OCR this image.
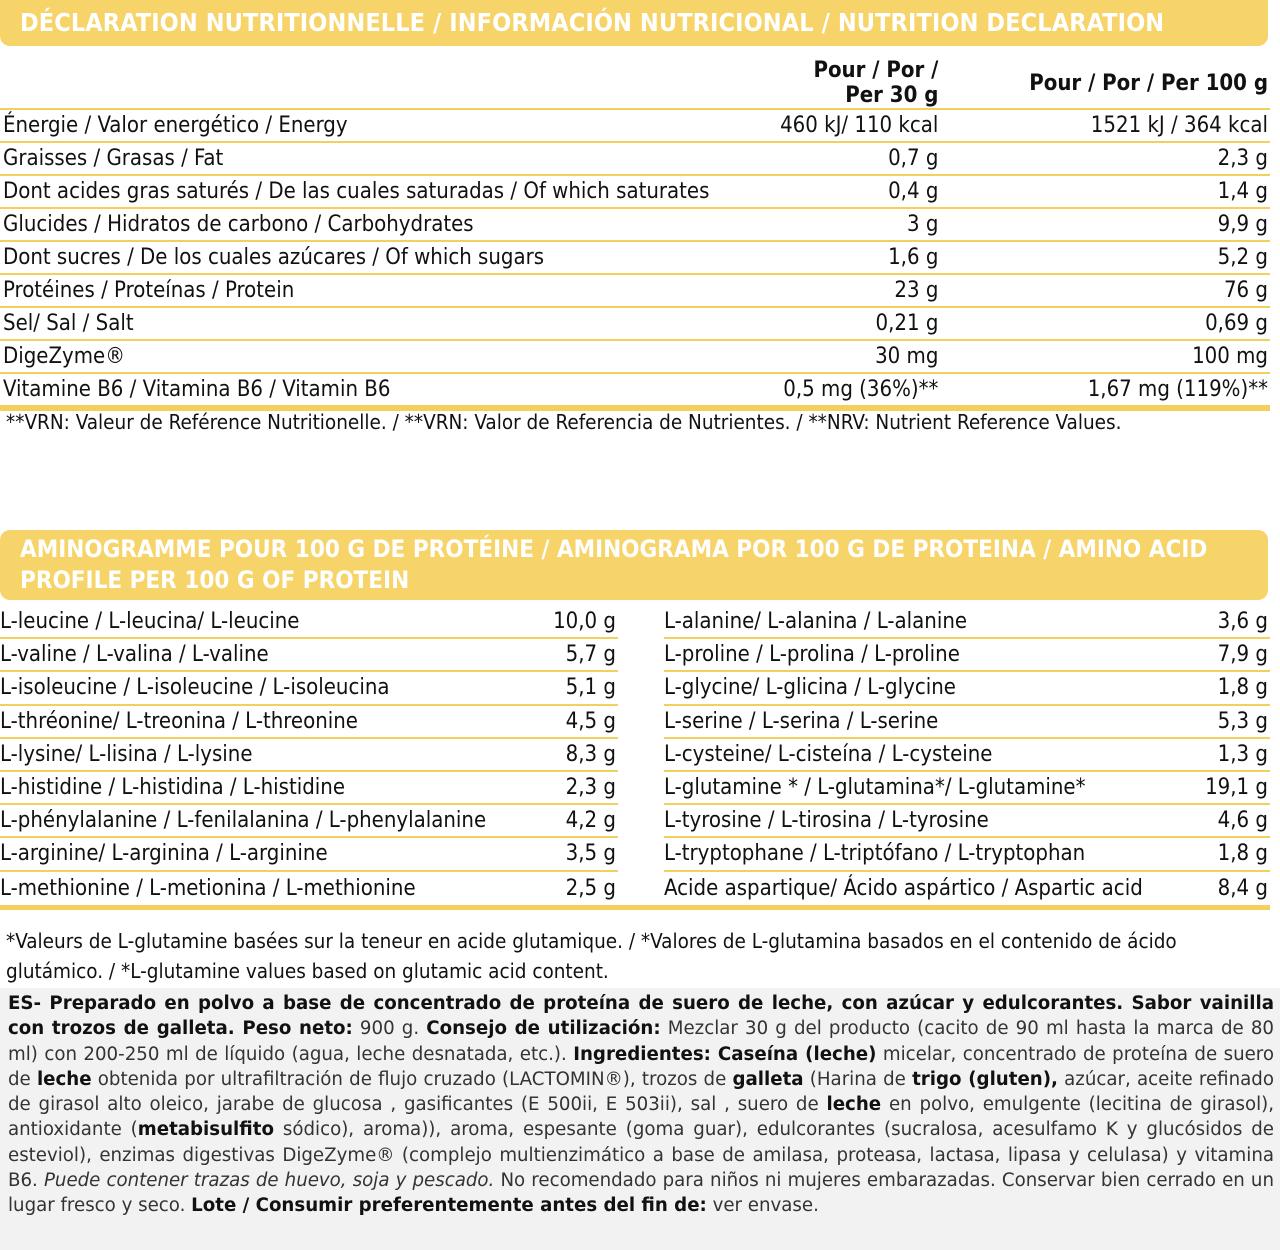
DÉCLARATION NUTRITIONNELLE / INFORMACIÓN NUTRICIONAL / NUTRITION DECLARATION
	Pour / Por / Per 30 g	Pour / Por / Per 100 g
Énergie / Valor energético / Energy	460 kJ/ 110 kcal	1521 kJ / 364 kcal
Graisses / Grasas / Fat	0,7 g	2,3 g
Dont acides gras saturés / De las cuales saturadas / Of which saturates	0,4 g	1,4 g
Glucides / Hidratos de carbono / Carbohydrates	3 g	9,9 g
Dont sucres / De los cuales azúcares / Of which sugars	1,6 g	5,2 g
Protéines / Proteínas / Protein	23 g	76 g
Sel/ Sal / Salt	0,21 g	0,69 g
DigeZyme®	30 mg	100 mg
Vitamine B6 / Vitamina B6 / Vitamin B6	0,5 mg (36%)**	1,67 mg (119%)**
**VRN: Valeur de Reférence Nutritionelle. / **VRN: Valor de Referencia de Nutrientes. / **NRV: Nutrient Reference Values.
AMINOGRAMME POUR 100 G DE PROTÉINE / AMINOGRAMA POR 100 G DE PROTEINA / AMINO ACID PROFILE PER 100 G OF PROTEIN
L-leucine / L-leucina/ L-leucine	10,0 g
L-valine / L-valina / L-valine	5,7 g
L-isoleucine / L-isoleucine / L-isoleucina	5,1 g
L-thréonine/ L-treonina / L-threonine	4,5 g
L-lysine/ L-lisina / L-lysine	8,3 g
L-histidine / L-histidina / L-histidine	2,3 g
L-phénylalanine / L-fenilalanina / L-phenylalanine	4,2 g
L-arginine/ L-arginina / L-arginine	3,5 g
L-methionine / L-metionina / L-methionine	2,5 g
L-alanine/ L-alanina / L-alanine	3,6 g
L-proline / L-prolina / L-proline	7,9 g
L-glycine/ L-glicina / L-glycine	1,8 g
L-serine / L-serina / L-serine	5,3 g
L-cysteine/ L-cisteína / L-cysteine	1,3 g
L-glutamine * / L-glutamina*/ L-glutamine*	19,1 g
L-tyrosine / L-tirosina / L-tyrosine	4,6 g
L-tryptophane / L-triptófano / L-tryptophan	1,8 g
Acide aspartique/ Ácido aspártico / Aspartic acid	8,4 g
*Valeurs de L-glutamine basées sur la teneur en acide glutamique. / *Valores de L-glutamina basados en el contenido de ácido glutámico. / *L-glutamine values based on glutamic acid content.
ES- Preparado en polvo a base de concentrado de proteína de suero de leche, con azúcar y edulcorantes. Sabor vainilla con trozos de galleta. Peso neto: 900 g. Consejo de utilización: Mezclar 30 g del producto (cacito de 90 ml hasta la marca de 80 ml) con 200-250 ml de líquido (agua, leche desnatada, etc.). Ingredientes: Caseína (leche) micelar, concentrado de proteína de suero de leche obtenida por ultrafiltración de flujo cruzado (LACTOMIN®), trozos de galleta (Harina de trigo (gluten), azúcar, aceite refinado de girasol alto oleico, jarabe de glucosa , gasificantes (E 500ii, E 503ii), sal , suero de leche en polvo, emulgente (lecitina de girasol), antioxidante (metabisulfito sódico), aroma)), aroma, espesante (goma guar), edulcorantes (sucralosa, acesulfamo K y glucósidos de esteviol), enzimas digestivas DigeZyme® (complejo multienzimático a base de amilasa, proteasa, lactasa, lipasa y celulasa) y vitamina B6. Puede contener trazas de huevo, soja y pescado. No recomendado para niños ni mujeres embarazadas. Conservar bien cerrado en un lugar fresco y seco. Lote / Consumir preferentemente antes del fin de: ver envase.
